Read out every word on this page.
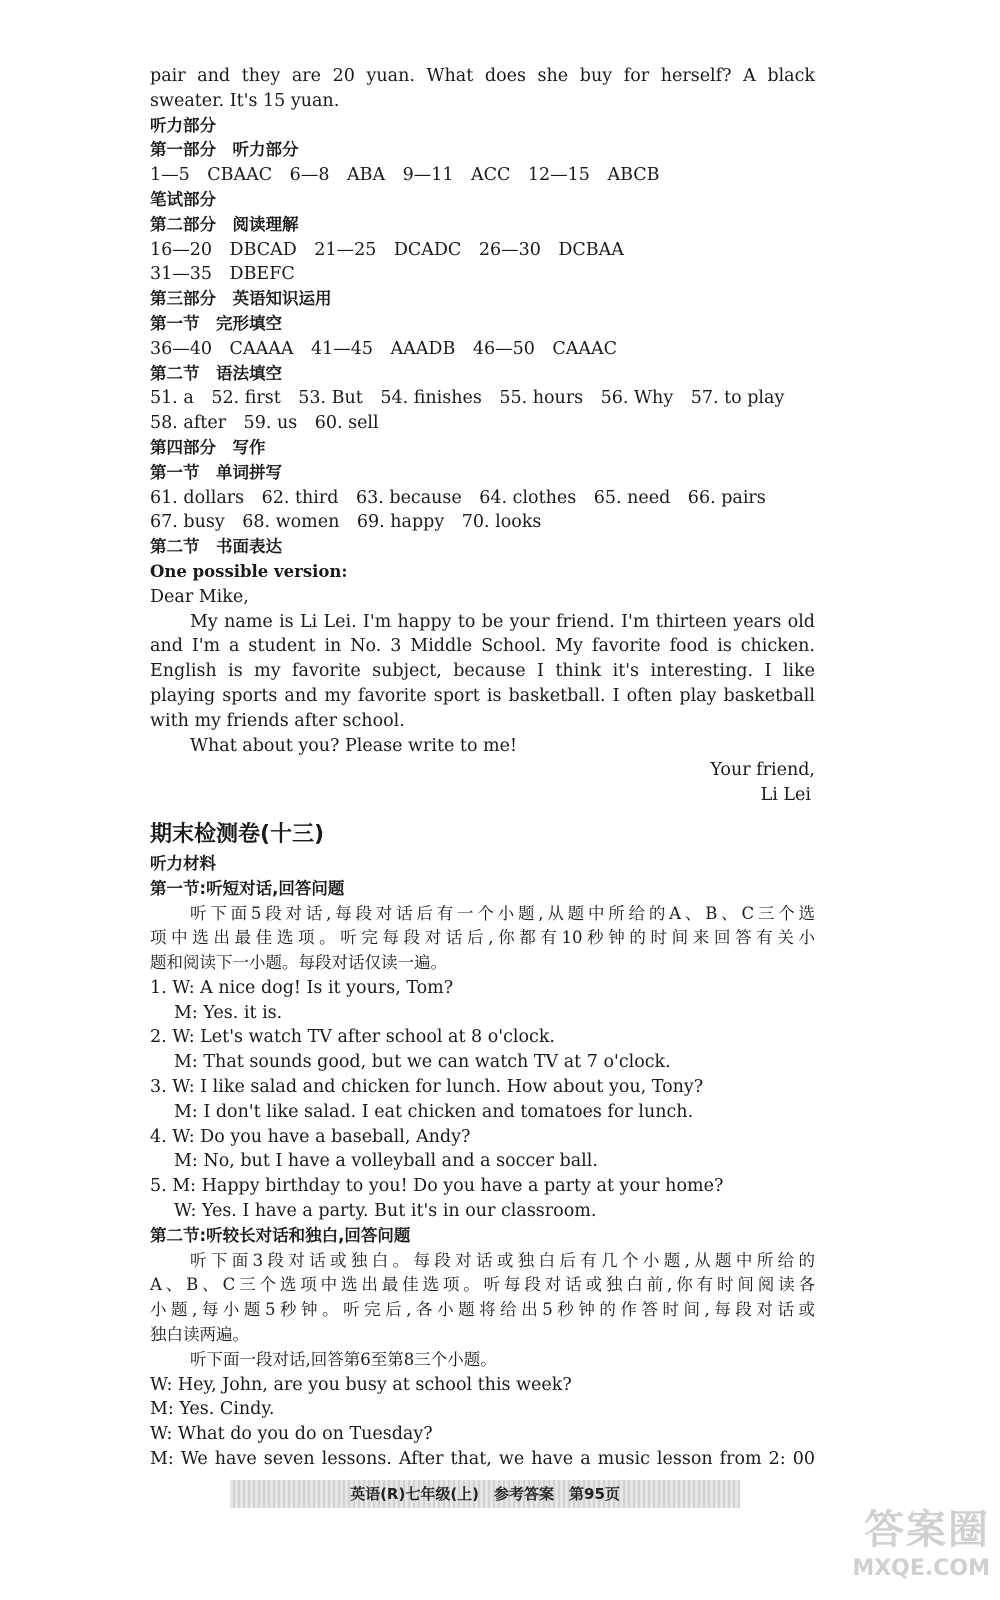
pair and they are 20 yuan. What does she buy for herself? A black
sweater. It's 15 yuan.
听力部分
第一部分　听力部分
1—5　CBAAC　6—8　ABA　9—11　ACC　12—15　ABCB
笔试部分
第二部分　阅读理解
16—20　DBCAD　21—25　DCADC　26—30　DCBAA
31—35　DBEFC
第三部分　英语知识运用
第一节　完形填空
36—40　CAAAA　41—45　AAADB　46—50　CAAAC
第二节　语法填空
51. a　52. first　53. But　54. finishes　55. hours　56. Why　57. to play
58. after　59. us　60. sell
第四部分　写作
第一节　单词拼写
61. dollars　62. third　63. because　64. clothes　65. need　66. pairs
67. busy　68. women　69. happy　70. looks
第二节　书面表达
One possible version:
Dear Mike,
My name is Li Lei. I'm happy to be your friend. I'm thirteen years old
and I'm a student in No. 3 Middle School. My favorite food is chicken.
English is my favorite subject, because I think it's interesting. I like
playing sports and my favorite sport is basketball. I often play basketball
with my friends after school.
What about you? Please write to me!
Your friend,
Li Lei
期末检测卷(十三)
听力材料
第一节:听短对话,回答问题
听下面5段对话,每段对话后有一个小题,从题中所给的A、B、C三个选
项中选出最佳选项。听完每段对话后,你都有10秒钟的时间来回答有关小
题和阅读下一小题。每段对话仅读一遍。
1. W: A nice dog! Is it yours, Tom?
M: Yes. it is.
2. W: Let's watch TV after school at 8 o'clock.
M: That sounds good, but we can watch TV at 7 o'clock.
3. W: I like salad and chicken for lunch. How about you, Tony?
M: I don't like salad. I eat chicken and tomatoes for lunch.
4. W: Do you have a baseball, Andy?
M: No, but I have a volleyball and a soccer ball.
5. M: Happy birthday to you! Do you have a party at your home?
W: Yes. I have a party. But it's in our classroom.
第二节:听较长对话和独白,回答问题
听下面3段对话或独白。每段对话或独白后有几个小题,从题中所给的
A、B、C三个选项中选出最佳选项。听每段对话或独白前,你有时间阅读各
小题,每小题5秒钟。听完后,各小题将给出5秒钟的作答时间,每段对话或
独白读两遍。
听下面一段对话,回答第6至第8三个小题。
W: Hey, John, are you busy at school this week?
M: Yes. Cindy.
W: What do you do on Tuesday?
M: We have seven lessons. After that, we have a music lesson from 2: 00
英语(R)七年级(上)　参考答案　第95页
答案圈
MXQE.COM
